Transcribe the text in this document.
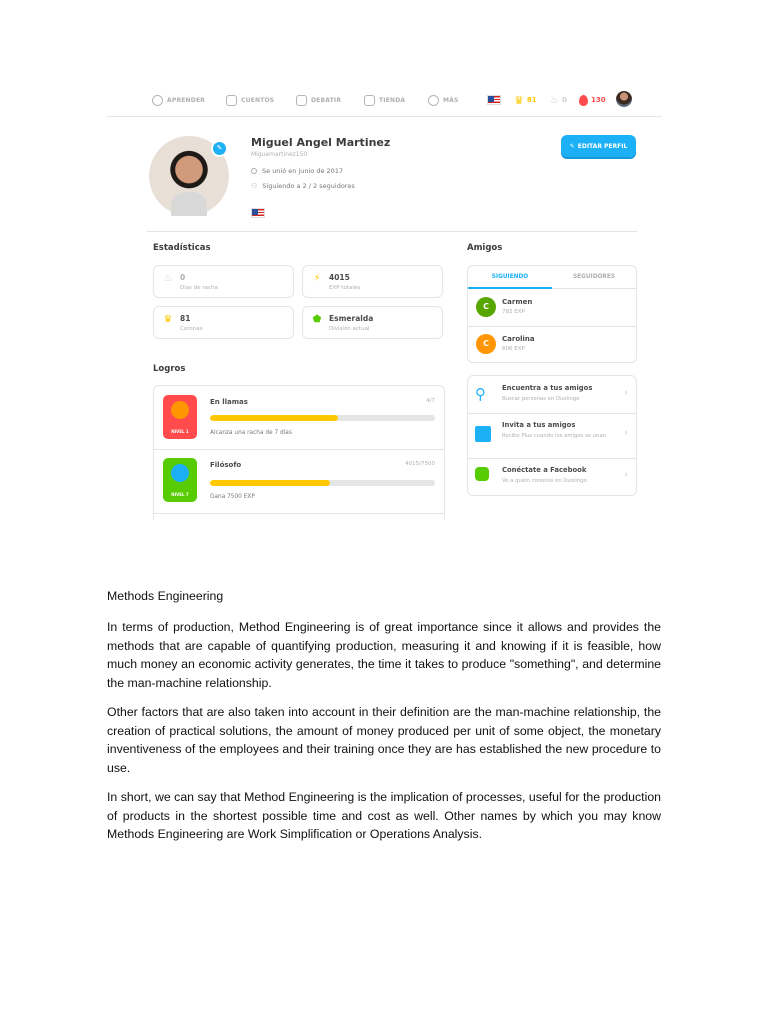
APRENDER	CUENTOS	DEBATIR	TIENDA	MÁS	♛ 81 ♨ 0	130
✎	Miguel Angel Martinez
Miguemartinez150
Se unió en junio de 2017
⚇ Siguiendo a 2 / 2 seguidores
✎ EDITAR PERFIL
Estadísticas
♨ 0
Días de racha
⚡ 4015
EXP totales
♛ 81
Coronas
⬟ Esmeralda
División actual
Logros
NIVEL 1
En llamas	4/7
Alcanza una racha de 7 días
NIVEL 7
Filósofo	4015/7500
Gana 7500 EXP
Amigos
SIGUIENDO	SEGUIDORES
C	Carmen
782 EXP
C	Carolina
606 EXP
⚲	Encuentra a tus amigos
Buscar personas en Duolingo
›
Invita a tus amigos
Recibe Plus cuando los amigos se unan	›
Conéctate a Facebook
Ve a quién conoces en Duolingo
›
Methods Engineering

In terms of production, Method Engineering is of great importance since it allows and provides the methods that are capable of quantifying production, measuring it and knowing if it is feasible, how much money an economic activity generates, the time it takes to produce "something", and determine the man-machine relationship.

Other factors that are also taken into account in their definition are the man-machine relationship, the creation of practical solutions, the amount of money produced per unit of some object, the monetary inventiveness of the employees and their training once they are has established the new procedure to use.

In short, we can say that Method Engineering is the implication of processes, useful for the production of products in the shortest possible time and cost as well. Other names by which you may know Methods Engineering are Work Simplification or Operations Analysis.
